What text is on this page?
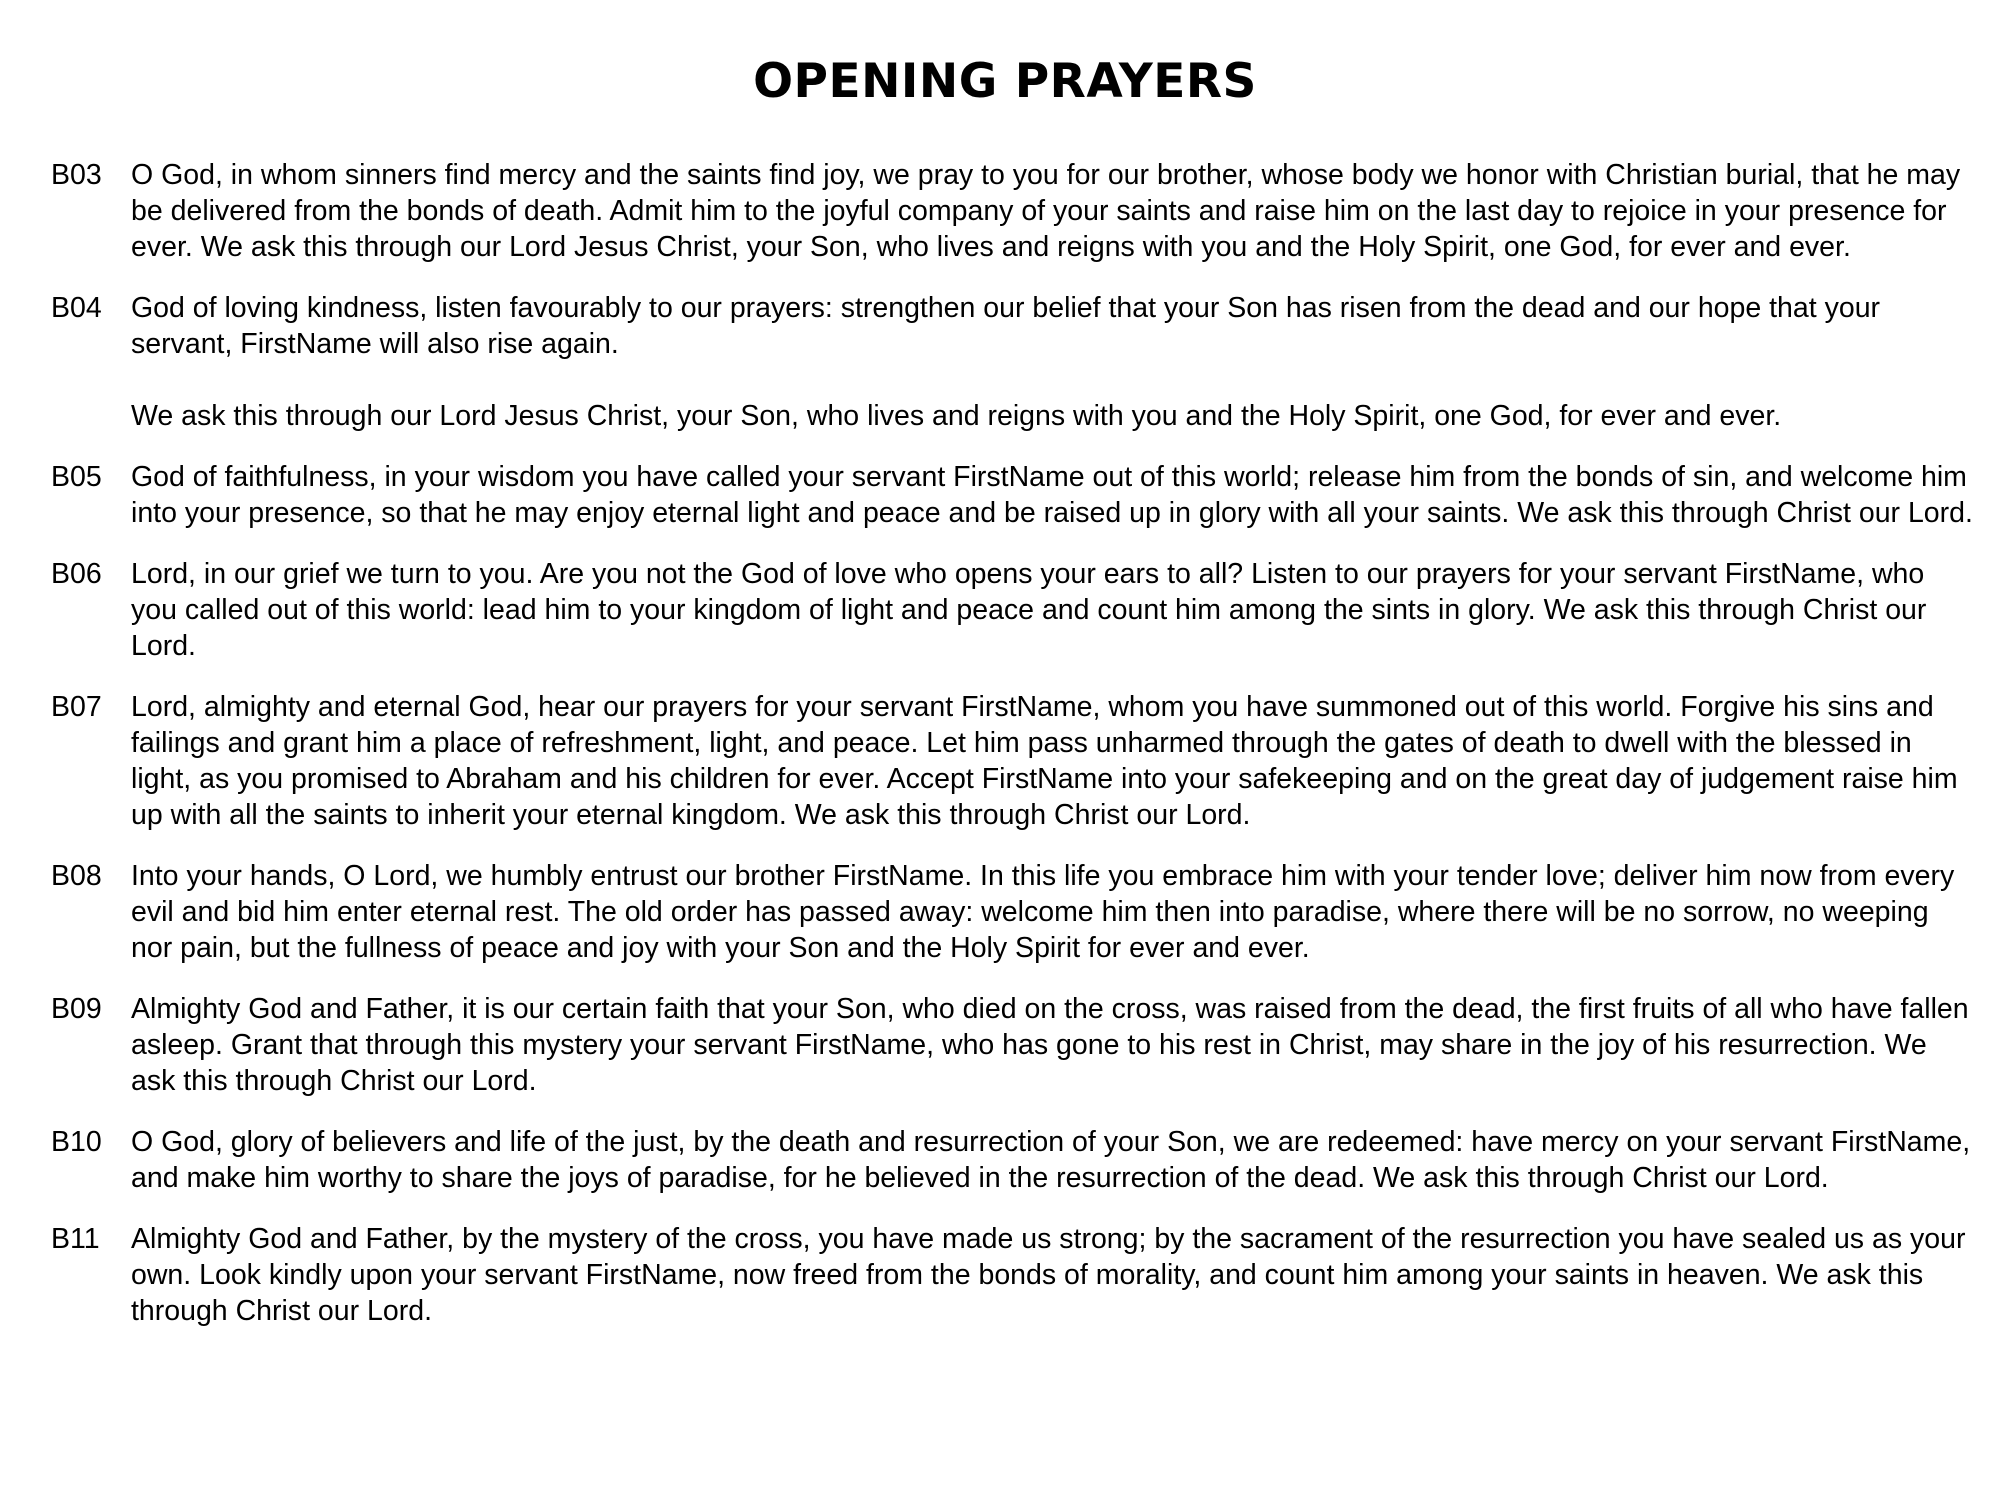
OPENING PRAYERS
B03	O God, in whom sinners find mercy and the saints find joy, we pray to you for our brother, whose body we honor with Christian burial, that he may be delivered from the bonds of death. Admit him to the joyful company of your saints and raise him on the last day to rejoice in your presence for ever. We ask this through our Lord Jesus Christ, your Son, who lives and reigns with you and the Holy Spirit, one God, for ever and ever.

B04	God of loving kindness, listen favourably to our prayers: strengthen our belief that your Son has risen from the dead and our hope that your servant, FirstName will also rise again.

We ask this through our Lord Jesus Christ, your Son, who lives and reigns with you and the Holy Spirit, one God, for ever and ever.

B05	God of faithfulness, in your wisdom you have called your servant FirstName out of this world; release him from the bonds of sin, and welcome him into your presence, so that he may enjoy eternal light and peace and be raised up in glory with all your saints. We ask this through Christ our Lord.

B06	Lord, in our grief we turn to you. Are you not the God of love who opens your ears to all? Listen to our prayers for your servant FirstName, who you called out of this world: lead him to your kingdom of light and peace and count him among the sints in glory. We ask this through Christ our Lord.

B07	Lord, almighty and eternal God, hear our prayers for your servant FirstName, whom you have summoned out of this world. Forgive his sins and failings and grant him a place of refreshment, light, and peace. Let him pass unharmed through the gates of death to dwell with the blessed in light, as you promised to Abraham and his children for ever. Accept FirstName into your safekeeping and on the great day of judgement raise him up with all the saints to inherit your eternal kingdom. We ask this through Christ our Lord.

B08	Into your hands, O Lord, we humbly entrust our brother FirstName. In this life you embrace him with your tender love; deliver him now from every evil and bid him enter eternal rest. The old order has passed away: welcome him then into paradise, where there will be no sorrow, no weeping nor pain, but the fullness of peace and joy with your Son and the Holy Spirit for ever and ever.

B09	Almighty God and Father, it is our certain faith that your Son, who died on the cross, was raised from the dead, the first fruits of all who have fallen asleep. Grant that through this mystery your servant FirstName, who has gone to his rest in Christ, may share in the joy of his resurrection. We ask this through Christ our Lord.

B10	O God, glory of believers and life of the just, by the death and resurrection of your Son, we are redeemed: have mercy on your servant FirstName, and make him worthy to share the joys of paradise, for he believed in the resurrection of the dead. We ask this through Christ our Lord.

B11	Almighty God and Father, by the mystery of the cross, you have made us strong; by the sacrament of the resurrection you have sealed us as your own. Look kindly upon your servant FirstName, now freed from the bonds of morality, and count him among your saints in heaven. We ask this through Christ our Lord.
